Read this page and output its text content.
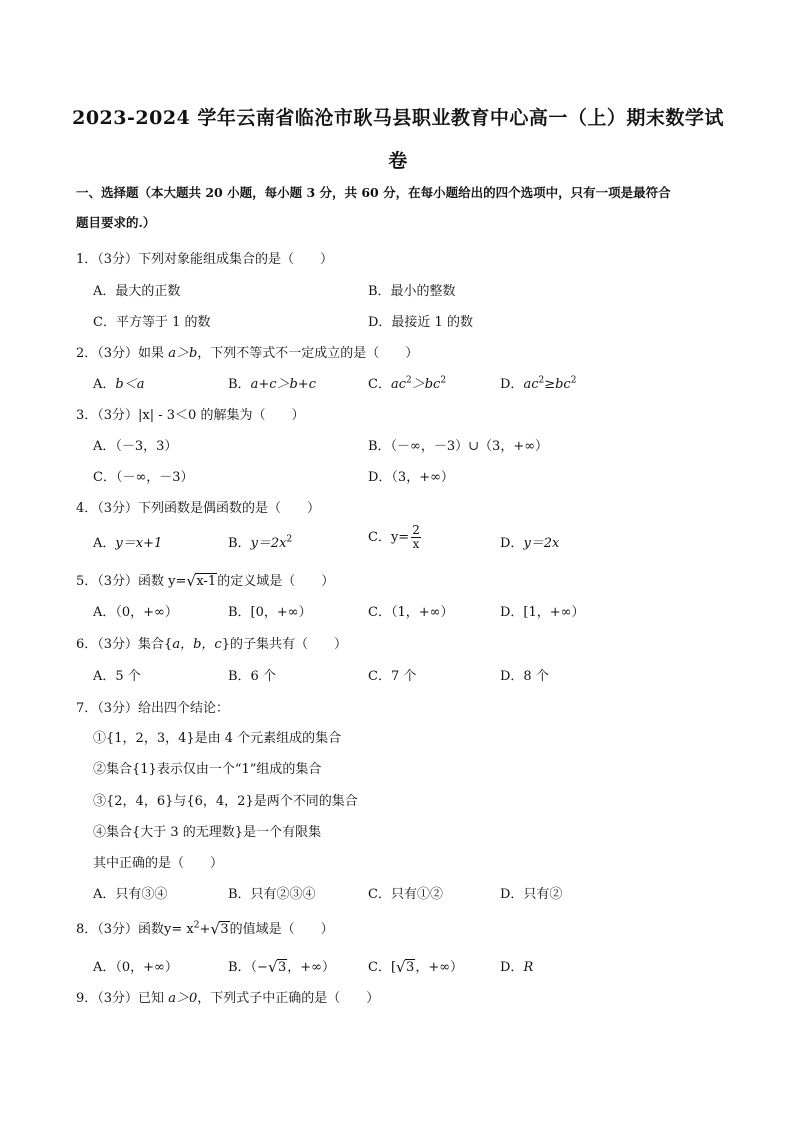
2023-2024 学年云南省临沧市耿马县职业教育中心高一（上）期末数学试
卷
一、选择题（本大题共 20 小题，每小题 3 分，共 60 分，在每小题给出的四个选项中，只有一项是最符合
题目要求的.）
1．（3分）下列对象能组成集合的是（　　）
A．最大的正数	B．最小的整数
C．平方等于 1 的数	D．最接近 1 的数
2．（3分）如果 a＞b，下列不等式不一定成立的是（　　）
A．b＜a	B．a+c＞b+c	C．$ac^2>bc^2$	D．$ac^2\ge bc^2$
3．（3分）|x| - 3＜0 的解集为（　　）
A．（－3，3）	B．（－∞，－3）∪（3，+∞）
C．（－∞，－3）	D．（3，+∞）
4．（3分）下列函数是偶函数的是（　　）
A．y＝x+1	B．$y=2x^2$	C．$y= \frac{2}{x}$	D．y＝2x
5．（3分）函数 y=√ x-1的定义域是（　　）
A．（0，+∞）	B．[0，+∞）	C．（1，+∞）	D．[1，+∞）
6．（3分）集合{a，b，c}的子集共有（　　）
A．5 个	B．6 个	C．7 个	D．8 个
7．（3分）给出四个结论：
①{1，2，3，4}是由 4 个元素组成的集合
②集合{1}表示仅由一个“1”组成的集合
③{2，4，6}与{6，4，2}是两个不同的集合
④集合{大于 3 的无理数}是一个有限集
其中正确的是（　　）
A．只有③④	B．只有②③④	C．只有①②	D．只有②
8．（3分）函数$y= x^2+√$ 3的值域是（　　）
A．（0，+∞）	B．（−√ 3，+∞）	C．[√ 3，+∞）	D．R
9．（3分）已知 a＞0，下列式子中正确的是（　　）
